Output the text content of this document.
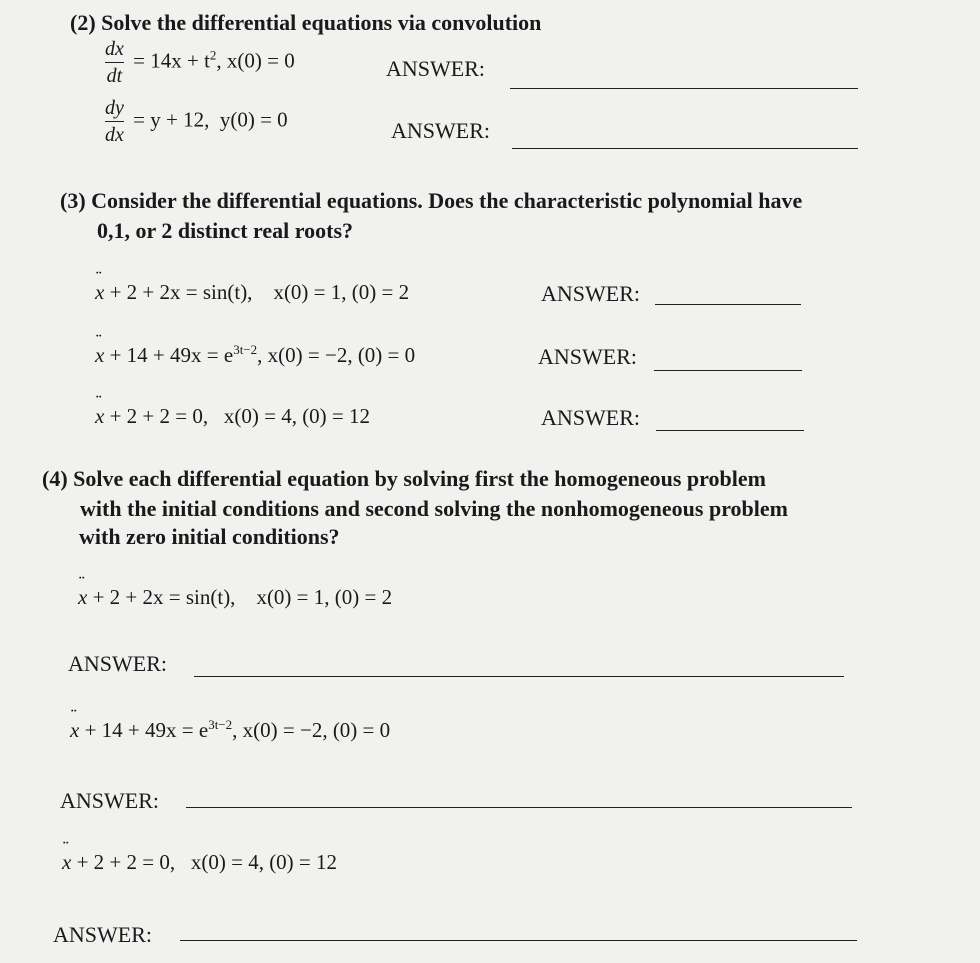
(2) Solve the differential equations via convolution
$\frac{dx}{dt} = 14x + t^2$, x(0) = 0	ANSWER:
$\frac{dy}{dx} = y + 12$, y(0) = 0	ANSWER:
(3) Consider the differential equations. Does the characteristic polynomial have
0,1, or 2 distinct real roots?
x ·· + 2 + 2x = sin(t), x(0) = 1, (0) = 2	ANSWER:
x ·· + $14 + 49x = e^{3t-2}$, x(0) = −2, (0) = 0	ANSWER:
x ·· + 2 + 2 = 0, x(0) = 4, (0) = 12	ANSWER:
(4) Solve each differential equation by solving first the homogeneous problem
with the initial conditions and second solving the nonhomogeneous problem
with zero initial conditions?
x ·· + 2 + 2x = sin(t), x(0) = 1, (0) = 2
ANSWER:
x ·· + $14 + 49x = e^{3t-2}$, x(0) = −2, (0) = 0
ANSWER:
x ·· + 2 + 2 = 0, x(0) = 4, (0) = 12
ANSWER:
